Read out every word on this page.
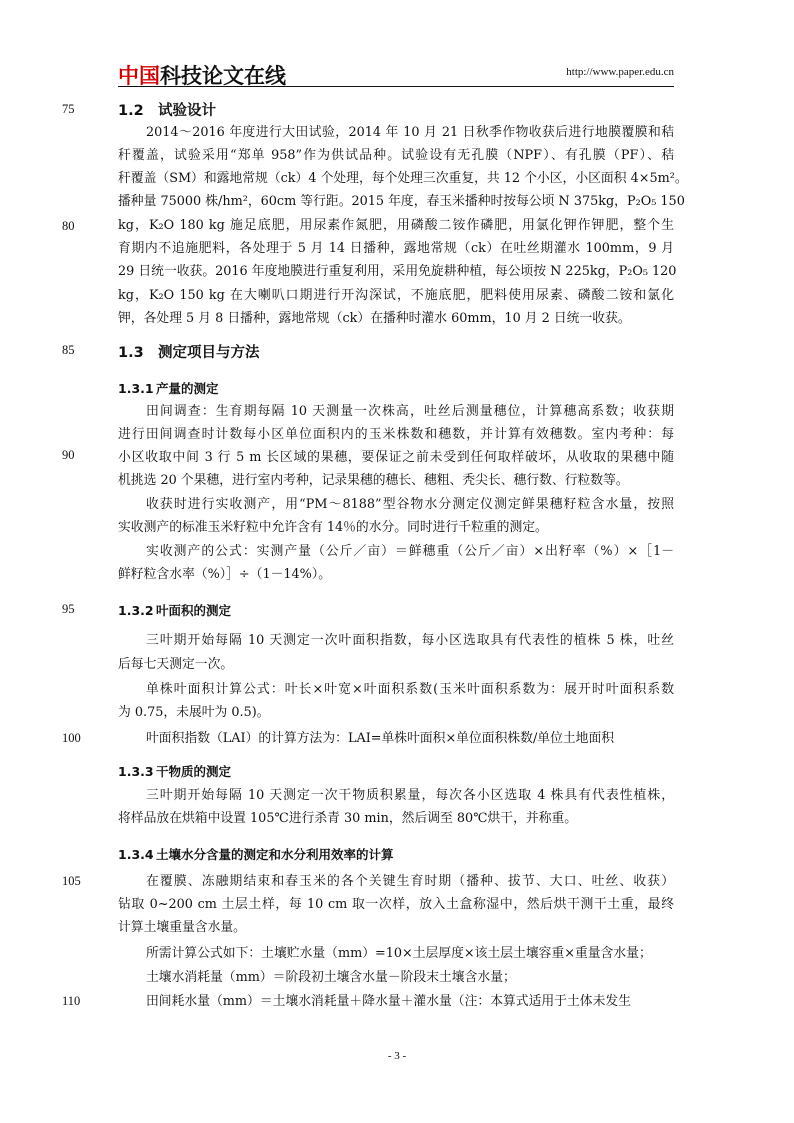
中国科技论文在线	http://www.paper.edu.cn
75
80
85
90
95
100
105
110
1.2 试验设计
2014～2016 年度进行大田试验，2014 年 10 月 21 日秋季作物收获后进行地膜覆膜和秸
秆覆盖，试验采用“郑单 958”作为供试品种。试验设有无孔膜（NPF）、有孔膜（PF）、秸
秆覆盖（SM）和露地常规（ck）4 个处理，每个处理三次重复，共 12 个小区，小区面积 4×5m²。
播种量 75000 株/hm²，60cm 等行距。2015 年度，春玉米播种时按每公顷 N 375kg，P₂O₅ 150
kg，K₂O 180 kg 施足底肥，用尿素作氮肥，用磷酸二铵作磷肥，用氯化钾作钾肥，整个生
育期内不追施肥料，各处理于 5 月 14 日播种，露地常规（ck）在吐丝期灌水 100mm，9 月
29 日统一收获。2016 年度地膜进行重复利用，采用免旋耕种植，每公顷按 N 225kg，P₂O₅ 120
kg，K₂O 150 kg 在大喇叭口期进行开沟深试，不施底肥，肥料使用尿素、磷酸二铵和氯化
钾，各处理 5 月 8 日播种，露地常规（ck）在播种时灌水 60mm，10 月 2 日统一收获。
1.3 测定项目与方法
1.3.1 产量的测定
田间调查：生育期每隔 10 天测量一次株高，吐丝后测量穗位，计算穗高系数；收获期
进行田间调查时计数每小区单位面积内的玉米株数和穗数，并计算有效穗数。室内考种：每
小区收取中间 3 行 5 m 长区域的果穗，要保证之前未受到任何取样破坏，从收取的果穗中随
机挑选 20 个果穗，进行室内考种，记录果穗的穗长、穗粗、秃尖长、穗行数、行粒数等。
收获时进行实收测产，用“PM～8188”型谷物水分测定仪测定鲜果穗籽粒含水量，按照
实收测产的标准玉米籽粒中允许含有 14％的水分。同时进行千粒重的测定。
实收测产的公式：实测产量（公斤／亩）＝鲜穗重（公斤／亩）×出籽率（%）×［1－
鲜籽粒含水率（%）］÷（1－14%）。
1.3.2 叶面积的测定
三叶期开始每隔 10 天测定一次叶面积指数，每小区选取具有代表性的植株 5 株，吐丝
后每七天测定一次。
单株叶面积计算公式：叶长×叶宽×叶面积系数(玉米叶面积系数为：展开时叶面积系数
为 0.75，未展叶为 0.5)。
叶面积指数（LAI）的计算方法为：LAI=单株叶面积×单位面积株数/单位土地面积
1.3.3 干物质的测定
三叶期开始每隔 10 天测定一次干物质积累量，每次各小区选取 4 株具有代表性植株，
将样品放在烘箱中设置 105℃进行杀青 30 min，然后调至 80℃烘干，并称重。
1.3.4 土壤水分含量的测定和水分利用效率的计算
在覆膜、冻融期结束和春玉米的各个关键生育时期（播种、拔节、大口、吐丝、收获）
钻取 0~200 cm 土层土样，每 10 cm 取一次样，放入土盒称湿中，然后烘干测干土重，最终
计算土壤重量含水量。
所需计算公式如下：土壤贮水量（mm）=10×土层厚度×该土层土壤容重×重量含水量；
土壤水消耗量（mm）＝阶段初土壤含水量－阶段末土壤含水量；
田间耗水量（mm）＝土壤水消耗量＋降水量＋灌水量（注：本算式适用于土体未发生
- 3 -
